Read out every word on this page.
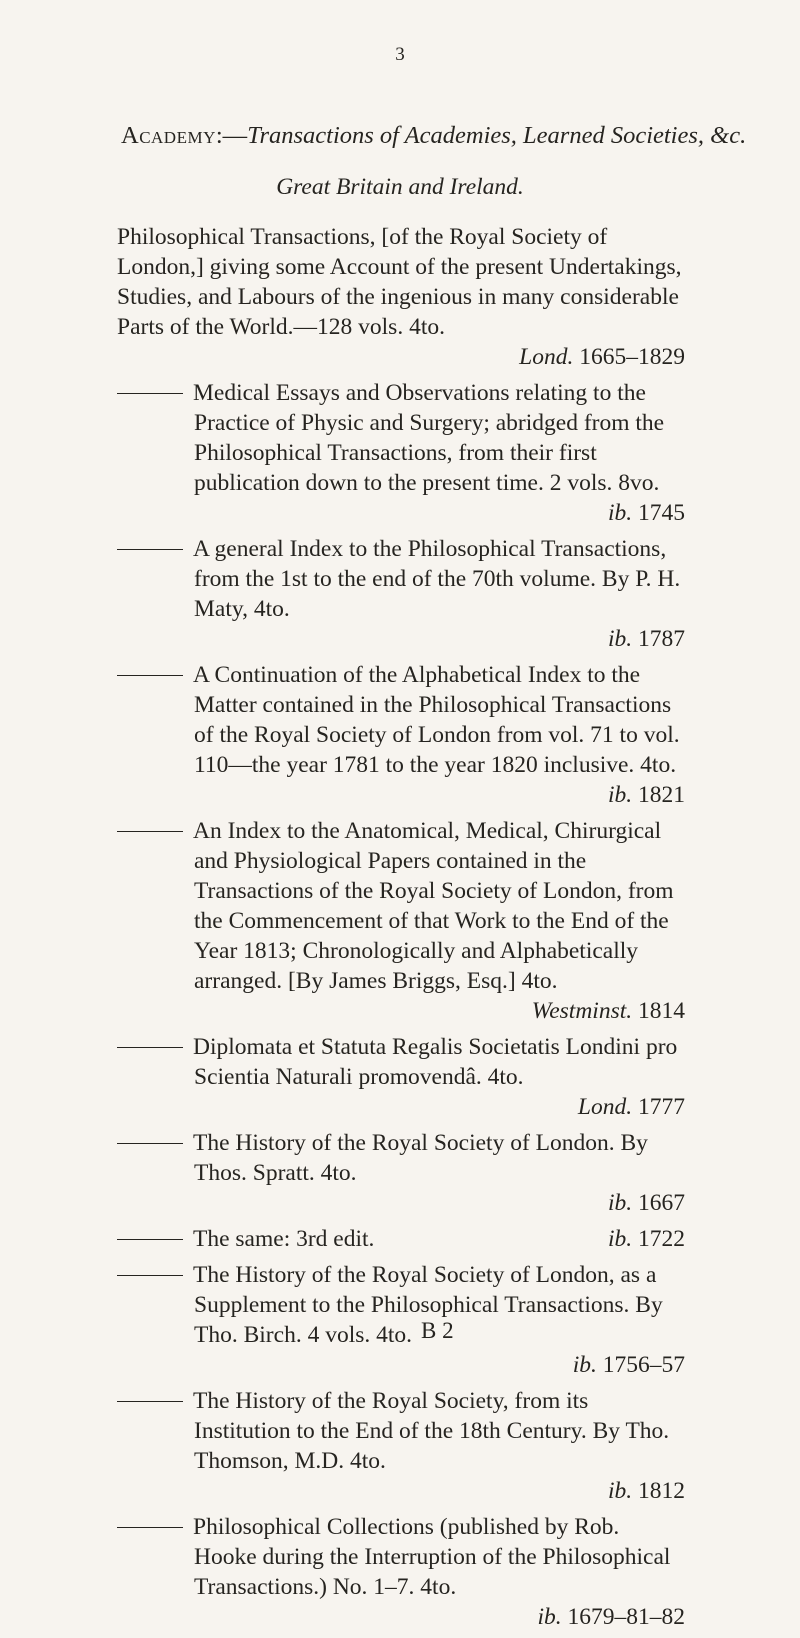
3
Academy:—Transactions of Academies, Learned Societies, &c.
Great Britain and Ireland.
Philosophical Transactions, [of the Royal Society of London,] giving some Account of the present Undertakings, Studies, and Labours of the ingenious in many considerable Parts of the World.—128 vols. 4to.
Lond. 1665–1829
Medical Essays and Observations relating to the Practice of Physic and Surgery; abridged from the Philosophical Transactions, from their first publication down to the present time. 2 vols. 8vo.
ib. 1745
A general Index to the Philosophical Transactions, from the 1st to the end of the 70th volume. By P. H. Maty, 4to.
ib. 1787
A Continuation of the Alphabetical Index to the Matter contained in the Philosophical Transactions of the Royal Society of London from vol. 71 to vol. 110—the year 1781 to the year 1820 inclusive. 4to.
ib. 1821
An Index to the Anatomical, Medical, Chirurgical and Physiological Papers contained in the Transactions of the Royal Society of London, from the Commencement of that Work to the End of the Year 1813; Chronologically and Alphabetically arranged. [By James Briggs, Esq.] 4to.
Westminst. 1814
Diplomata et Statuta Regalis Societatis Londini pro Scientia Naturali promovendâ. 4to.
Lond. 1777
The History of the Royal Society of London. By Thos. Spratt. 4to.
ib. 1667
The same: 3rd edit.	ib. 1722
The History of the Royal Society of London, as a Supplement to the Philosophical Transactions. By Tho. Birch. 4 vols. 4to.
ib. 1756–57
The History of the Royal Society, from its Institution to the End of the 18th Century. By Tho. Thomson, M.D. 4to.
ib. 1812
Philosophical Collections (published by Rob. Hooke during the Interruption of the Philosophical Transactions.) No. 1–7. 4to.
ib. 1679–81–82
B 2
